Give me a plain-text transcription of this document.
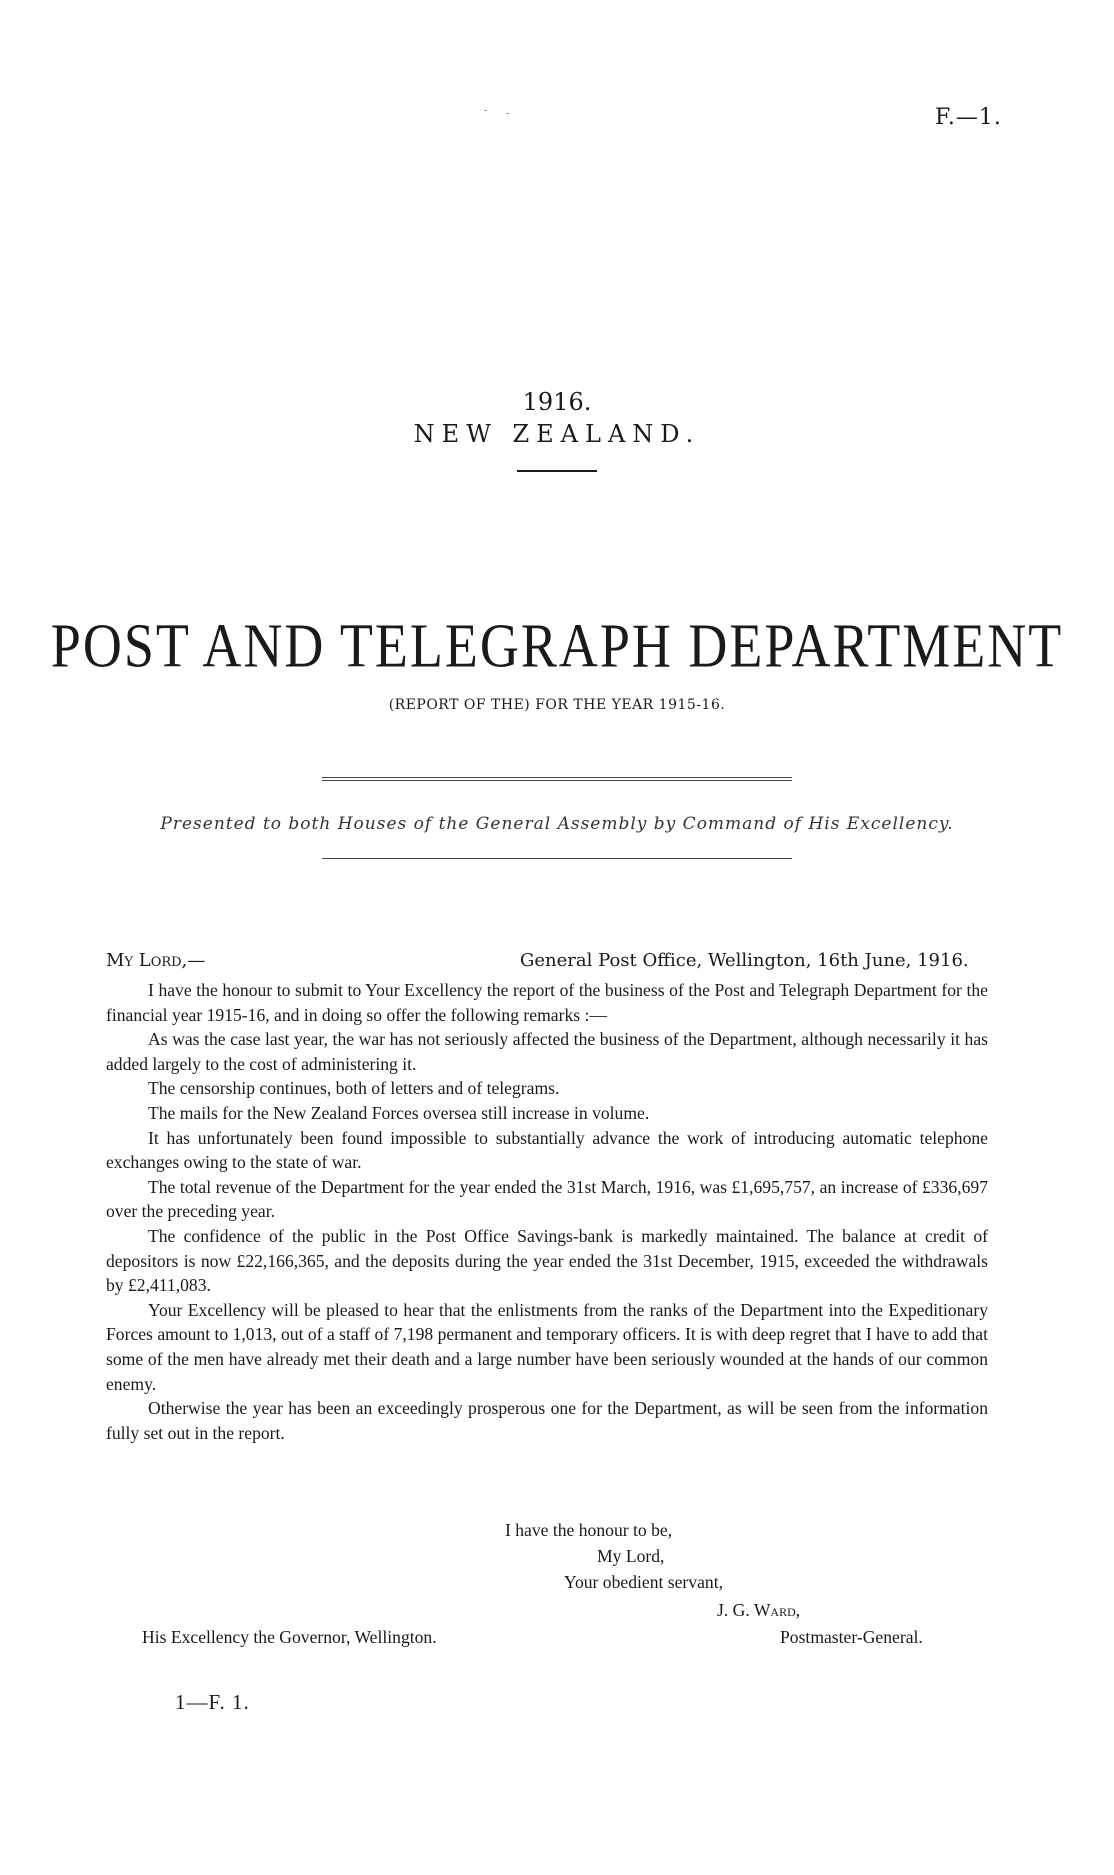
F.—1.
1916.
NEW ZEALAND.
POST AND TELEGRAPH DEPARTMENT
(REPORT OF THE) FOR THE YEAR 1915-16.
Presented to both Houses of the General Assembly by Command of His Excellency.
My Lord,—	General Post Office, Wellington, 16th June, 1916.

I have the honour to submit to Your Excellency the report of the business of the Post and Telegraph Department for the financial year 1915-16, and in doing so offer the following remarks :—

As was the case last year, the war has not seriously affected the business of the Department, although necessarily it has added largely to the cost of administering it.

The censorship continues, both of letters and of telegrams.

The mails for the New Zealand Forces oversea still increase in volume.

It has unfortunately been found impossible to substantially advance the work of introducing automatic telephone exchanges owing to the state of war.

The total revenue of the Department for the year ended the 31st March, 1916, was £1,695,757, an increase of £336,697 over the preceding year.

The confidence of the public in the Post Office Savings-bank is markedly maintained. The balance at credit of depositors is now £22,166,365, and the deposits during the year ended the 31st December, 1915, exceeded the withdrawals by £2,411,083.

Your Excellency will be pleased to hear that the enlistments from the ranks of the Department into the Expeditionary Forces amount to 1,013, out of a staff of 7,198 permanent and temporary officers. It is with deep regret that I have to add that some of the men have already met their death and a large number have been seriously wounded at the hands of our common enemy.

Otherwise the year has been an exceedingly prosperous one for the Department, as will be seen from the information fully set out in the report.

I have the honour to be,
My Lord,
Your obedient servant,
J. G. Ward,
Postmaster-General.
His Excellency the Governor, Wellington.
1—F. 1.
